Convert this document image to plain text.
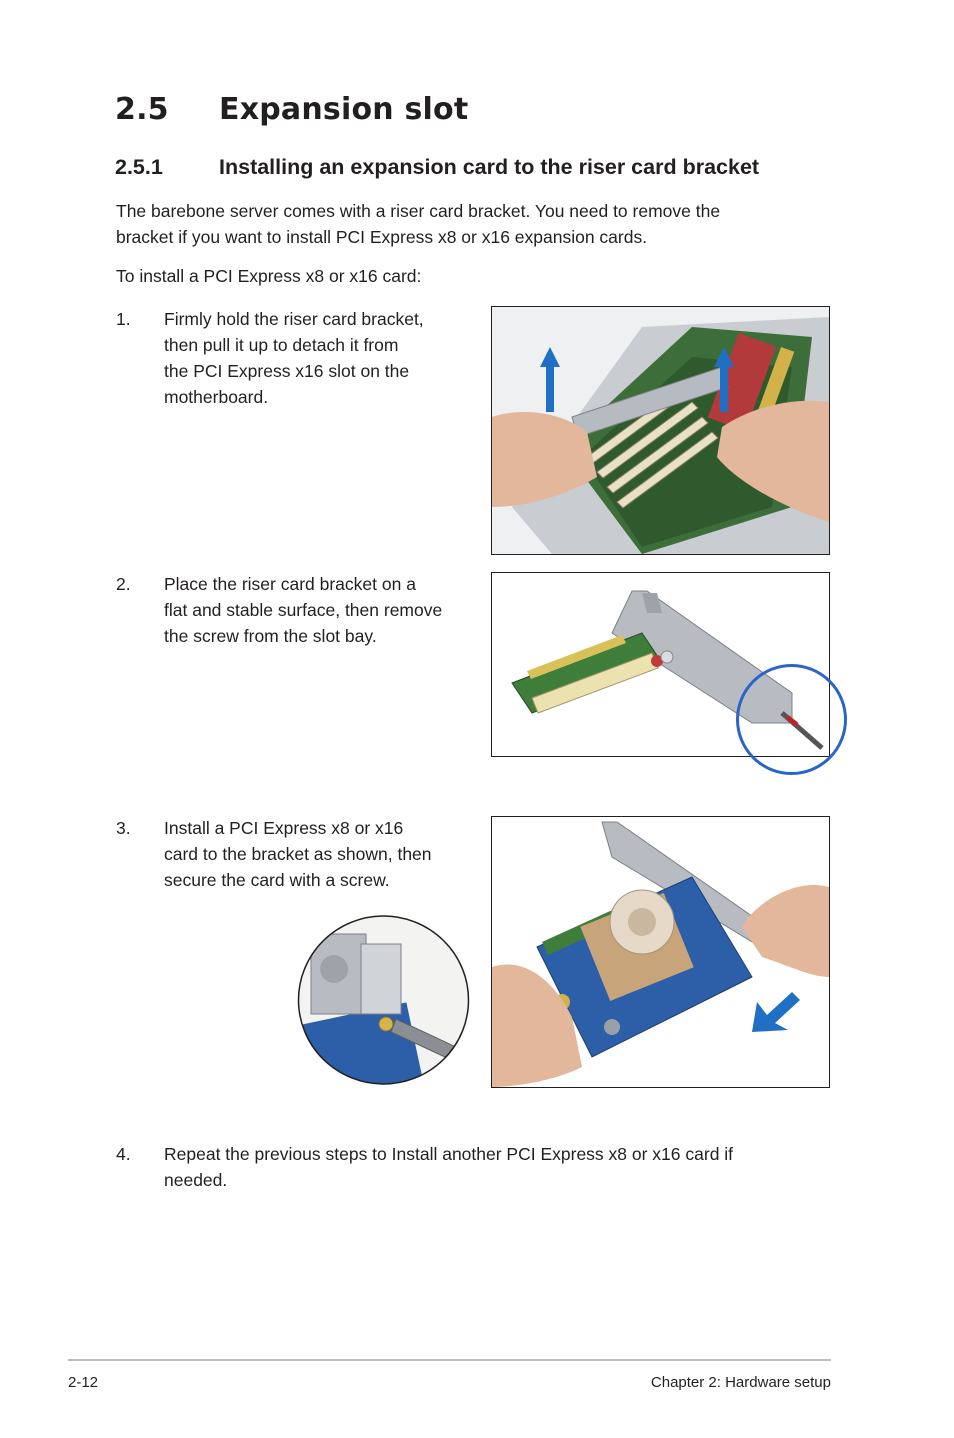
2.5 Expansion slot
2.5.1	Installing an expansion card to the riser card bracket
The barebone server comes with a riser card bracket. You need to remove the
bracket if you want to install PCI Express x8 or x16 expansion cards.
To install a PCI Express x8 or x16 card:
1. Firmly hold the riser card bracket,
then pull it up to detach it from
the PCI Express x16 slot on the
motherboard.
2. Place the riser card bracket on a
flat and stable surface, then remove
the screw from the slot bay.
3. Install a PCI Express x8 or x16
card to the bracket as shown, then
secure the card with a screw.
4. Repeat the previous steps to Install another PCI Express x8 or x16 card if
needed.
2-12	Chapter 2: Hardware setup
